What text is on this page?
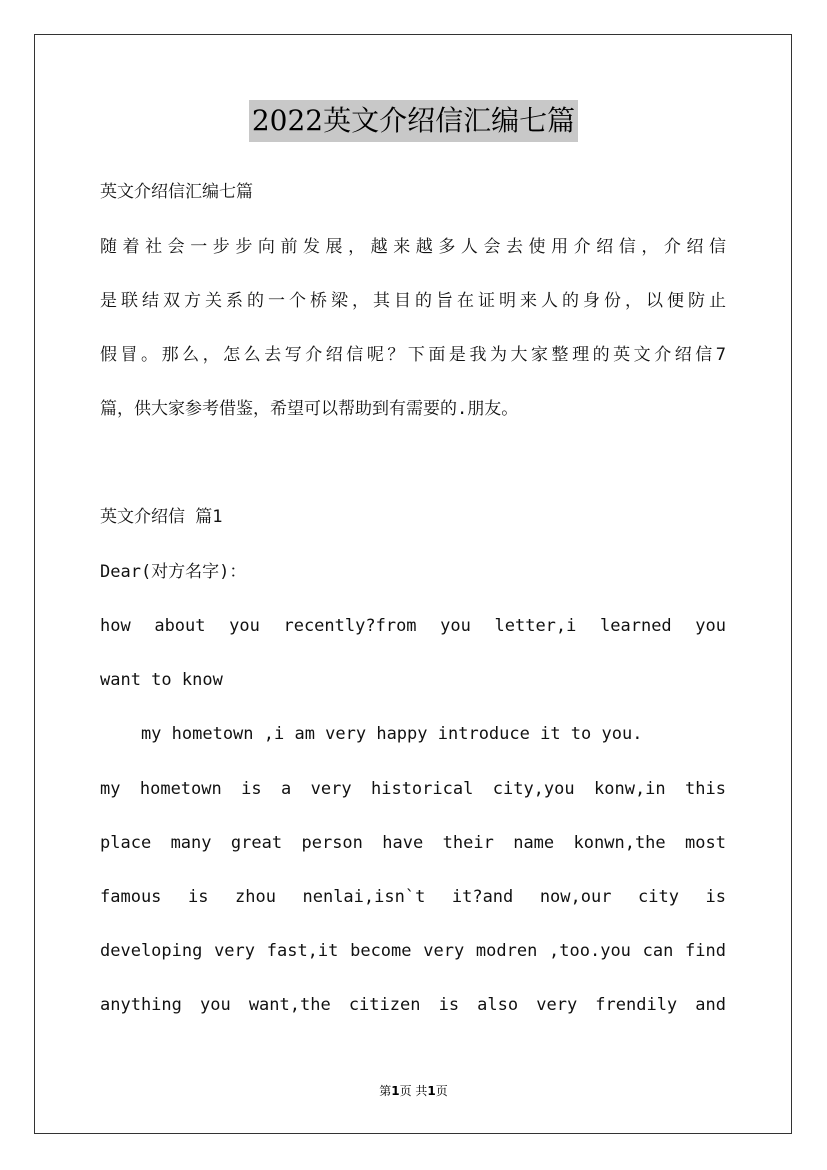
2022英文介绍信汇编七篇
英文介绍信汇编七篇
随着社会一步步向前发展，越来越多人会去使用介绍信，介绍信
是联结双方关系的一个桥梁，其目的旨在证明来人的身份，以便防止
假冒。那么，怎么去写介绍信呢？下面是我为大家整理的英文介绍信7
篇，供大家参考借鉴，希望可以帮助到有需要的.朋友。
英文介绍信 篇1
Dear(对方名字)：
how about you recently?from you letter,i learned you
want to know
my hometown ,i am very happy introduce it to you.
my hometown is a very historical city,you konw,in this
place many great person have their name konwn,the most
famous is zhou nenlai,isn`t it?and now,our city is
developing very fast,it become very modren ,too.you can find
anything you want,the citizen is also very frendily and
第1页 共1页
